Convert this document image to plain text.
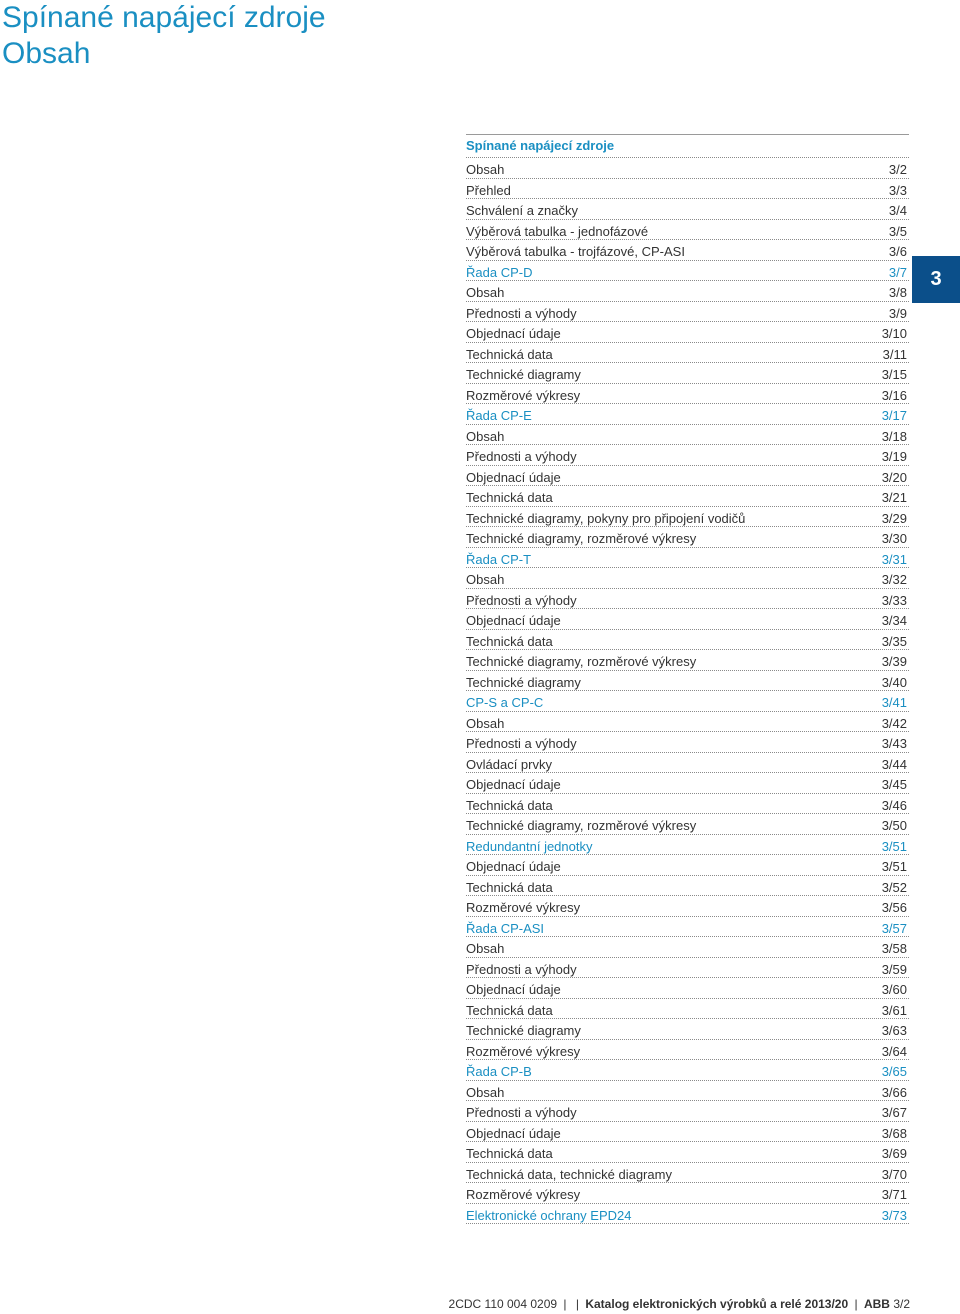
Spínané napájecí zdroje
Obsah
Spínané napájecí zdroje
Obsah	3/2
Přehled	3/3
Schválení a značky	3/4
Výběrová tabulka - jednofázové	3/5
Výběrová tabulka - trojfázové, CP-ASI	3/6
Řada CP-D	3/7
Obsah	3/8
Přednosti a výhody	3/9
Objednací údaje	3/10
Technická data	3/11
Technické diagramy	3/15
Rozměrové výkresy	3/16
Řada CP-E	3/17
Obsah	3/18
Přednosti a výhody	3/19
Objednací údaje	3/20
Technická data	3/21
Technické diagramy, pokyny pro připojení vodičů	3/29
Technické diagramy, rozměrové výkresy	3/30
Řada CP-T	3/31
Obsah	3/32
Přednosti a výhody	3/33
Objednací údaje	3/34
Technická data	3/35
Technické diagramy, rozměrové výkresy	3/39
Technické diagramy	3/40
CP-S a CP-C	3/41
Obsah	3/42
Přednosti a výhody	3/43
Ovládací prvky	3/44
Objednací údaje	3/45
Technická data	3/46
Technické diagramy, rozměrové výkresy	3/50
Redundantní jednotky	3/51
Objednací údaje	3/51
Technická data	3/52
Rozměrové výkresy	3/56
Řada CP-ASI	3/57
Obsah	3/58
Přednosti a výhody	3/59
Objednací údaje	3/60
Technická data	3/61
Technické diagramy	3/63
Rozměrové výkresy	3/64
Řada CP-B	3/65
Obsah	3/66
Přednosti a výhody	3/67
Objednací údaje	3/68
Technická data	3/69
Technická data, technické diagramy	3/70
Rozměrové výkresy	3/71
Elektronické ochrany EPD24	3/73
3
2CDC 110 004 0209 | | Katalog elektronických výrobků a relé 2013/20 | ABB 3/2
